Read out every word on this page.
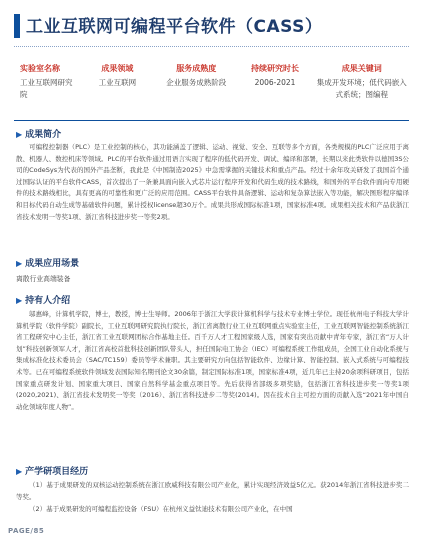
工业互联网可编程平台软件（CASS）
实验室名称
工业互联网研究院
成果领域
工业互联网
服务成熟度
企业服务成熟阶段
持续研究时长
2006-2021
成果关键词
集成开发环境；低代码嵌入式系统；图编程
▶ 成果简介
可编程控制器（PLC）是工业控制的核心，其功能涵盖了逻辑、运动、视觉、安全、互联等多个方面，各类规模的PLC广泛应用于离散、机器人、数控机床等领域。PLC的平台软件通过用语言实现了程序的低代码开发、调试、编译和部署，长期以来此类软件以德国3S公司的CodeSys为代表的国外产品垄断，我此是《中国制造2025》中急需掌握的关键技术和重点产品。经过十余年攻关研发了我国首个通过国际认证的平台软件CASS，首次提出了一条兼具面向嵌入式芯片运行程序开发和代码生成的技术路线，和国外的平台软件面向专用硬件的技术路线相比，具有更高的可靠性和更广泛的应用范围。CASS平台软件具备逻辑、运动和复杂算法嵌入等功能，解决图形程序编译和目标代码自动生成等基础软件问题，累计授权license超30万个。成果共形成国际标准1项，国家标准4项。成果相关技术和产品获浙江省技术发明一等奖1项、浙江省科技进步奖一等奖2项。
▶ 成果应用场景
离散行业高端装备
▶ 持有人介绍
邬惠峰，计算机学院，博士，教授，博士生导师。2006年于浙江大学获计算机科学与技术专业博士学位。现任杭州电子科技大学计算机学院（软件学院）副院长，工业互联网研究院执行院长，浙江省离散行业工业互联网重点实验室主任，工业互联网智能控制系统浙江省工程研究中心主任，浙江省工业互联网团标合作基地主任。百千万人才工程国家级人选，国家有突出贡献中青年专家，浙江省“万人计划”科技创新领军人才，浙江省高校首批科技创新团队带头人，担任国际电工协会（IEC）可编程系统工作组成员，全国工业自动化系统与集成标准化技术委员会（SAC/TC159）委员等学术兼职。其主要研究方向包括智能软件、边缘计算、智能控制、嵌入式系统与可编程技术等。已在可编程系统软件领域发表国际知名期刊论文30余篇，制定国际标准1项，国家标准4项，近几年已主持20余项科研项目，包括国家重点研发计划、国家重大项目、国家自然科学基金重点项目等。先后获得省部级多项奖励，包括浙江省科技进步奖一等奖1项(2020,2021)、浙江省技术发明奖一等奖（2016）、浙江省科技进步二等奖(2014)。因在技术自主可控方面的贡献入选“2021年中国自动化领域年度人物”。
▶ 产学研项目经历
（1）基于成果研发的双核运动控制系统在浙江欧威科技有限公司产业化，累计实现经济效益5亿元。获2014年浙江省科技进步奖二等奖。
（2）基于成果研发的可编程监控设备（FSU）在杭州义益钛迪技术有限公司产业化，在中国
PAGE/85
